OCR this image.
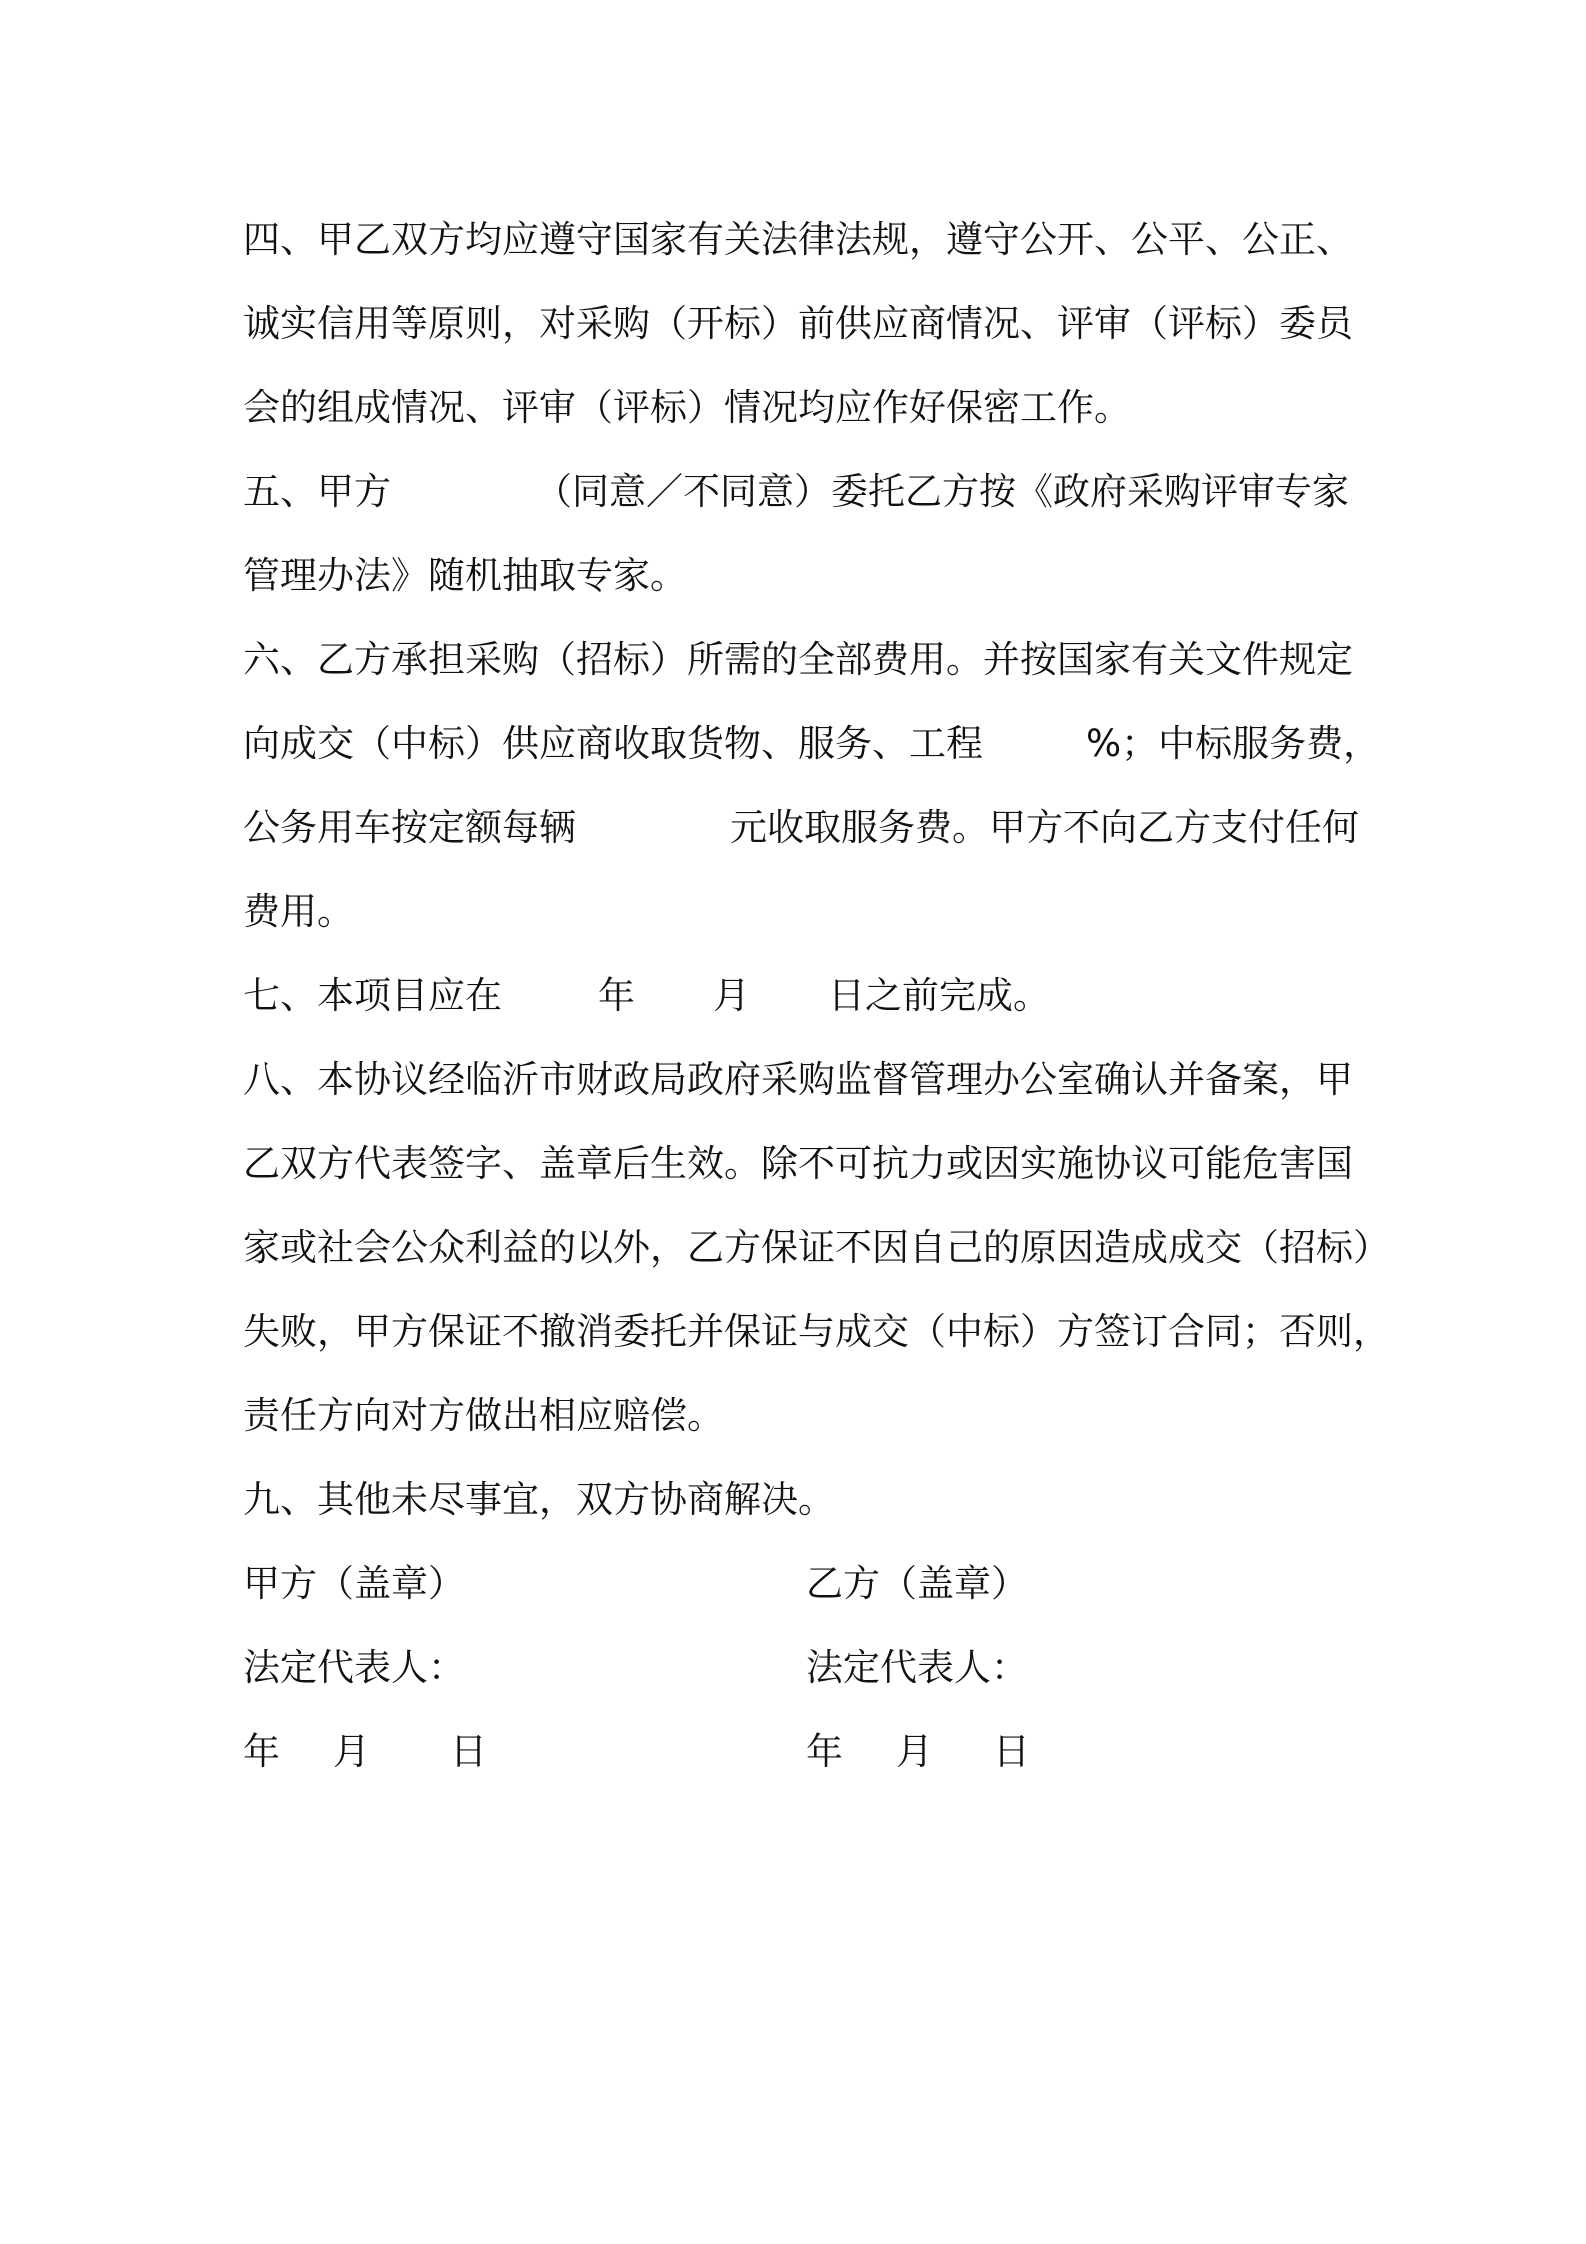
四、甲乙双方均应遵守国家有关法律法规，遵守公开、公平、公正、
诚实信用等原则，对采购（开标）前供应商情况、评审（评标）委员
会的组成情况、评审（评标）情况均应作好保密工作。
五、甲方	（同意／不同意）委托乙方按《政府采购评审专家
管理办法》随机抽取专家。
六、乙方承担采购（招标）所需的全部费用。并按国家有关文件规定
向成交（中标）供应商收取货物、服务、工程	%；中标服务费，
公务用车按定额每辆	元收取服务费。甲方不向乙方支付任何
费用。
七、本项目应在	年 月 日之前完成。
八、本协议经临沂市财政局政府采购监督管理办公室确认并备案，甲
乙双方代表签字、盖章后生效。除不可抗力或因实施协议可能危害国
家或社会公众利益的以外，乙方保证不因自己的原因造成成交（招标）
失败，甲方保证不撤消委托并保证与成交（中标）方签订合同；否则，
责任方向对方做出相应赔偿。
九、其他未尽事宜，双方协商解决。
甲方（盖章）	乙方（盖章）
法定代表人：	法定代表人：
年 月 日	年 月 日
